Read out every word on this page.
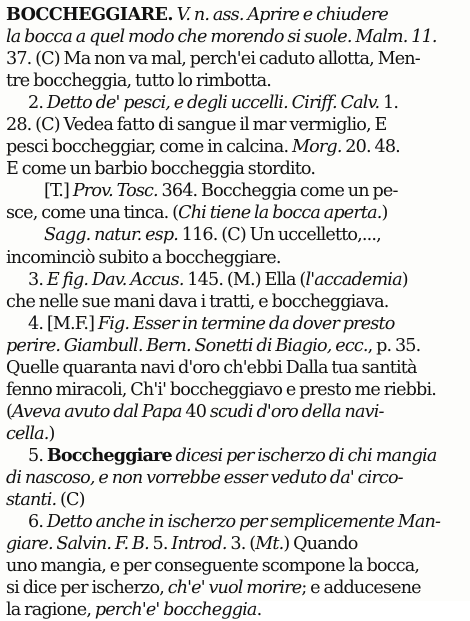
BOCCHEGGIARE. V. n. ass. Aprire e chiudere
la bocca a quel modo che morendo si suole. Malm. 11.
37. (C) Ma non va mal, perch'ei caduto allotta, Men-
tre boccheggia, tutto lo rimbotta.
2. Detto de' pesci, e degli uccelli. Ciriff. Calv. 1.
28. (C) Vedea fatto di sangue il mar vermiglio, E
pesci boccheggiar, come in calcina. Morg. 20. 48.
E come un barbio boccheggia stordito.
[T.] Prov. Tosc. 364. Boccheggia come un pe-
sce, come una tinca. (Chi tiene la bocca aperta.)
Sagg. natur. esp. 116. (C) Un uccelletto,...,
incominciò subito a boccheggiare.
3. E fig. Dav. Accus. 145. (M.) Ella (l'accademia)
che nelle sue mani dava i tratti, e boccheggiava.
4. [M.F.] Fig. Esser in termine da dover presto
perire. Giambull. Bern. Sonetti di Biagio, ecc., p. 35.
Quelle quaranta navi d'oro ch'ebbi Dalla tua santità
fenno miracoli, Ch'i' boccheggiavo e presto me riebbi.
(Aveva avuto dal Papa 40 scudi d'oro della navi-
cella.)
5. Boccheggiare dicesi per ischerzo di chi mangia
di nascoso, e non vorrebbe esser veduto da' circo-
stanti. (C)
6. Detto anche in ischerzo per semplicemente Man-
giare. Salvin. F. B. 5. Introd. 3. (Mt.) Quando
uno mangia, e per conseguente scompone la bocca,
si dice per ischerzo, ch'e' vuol morire; e adducesene
la ragione, perch'e' boccheggia.
